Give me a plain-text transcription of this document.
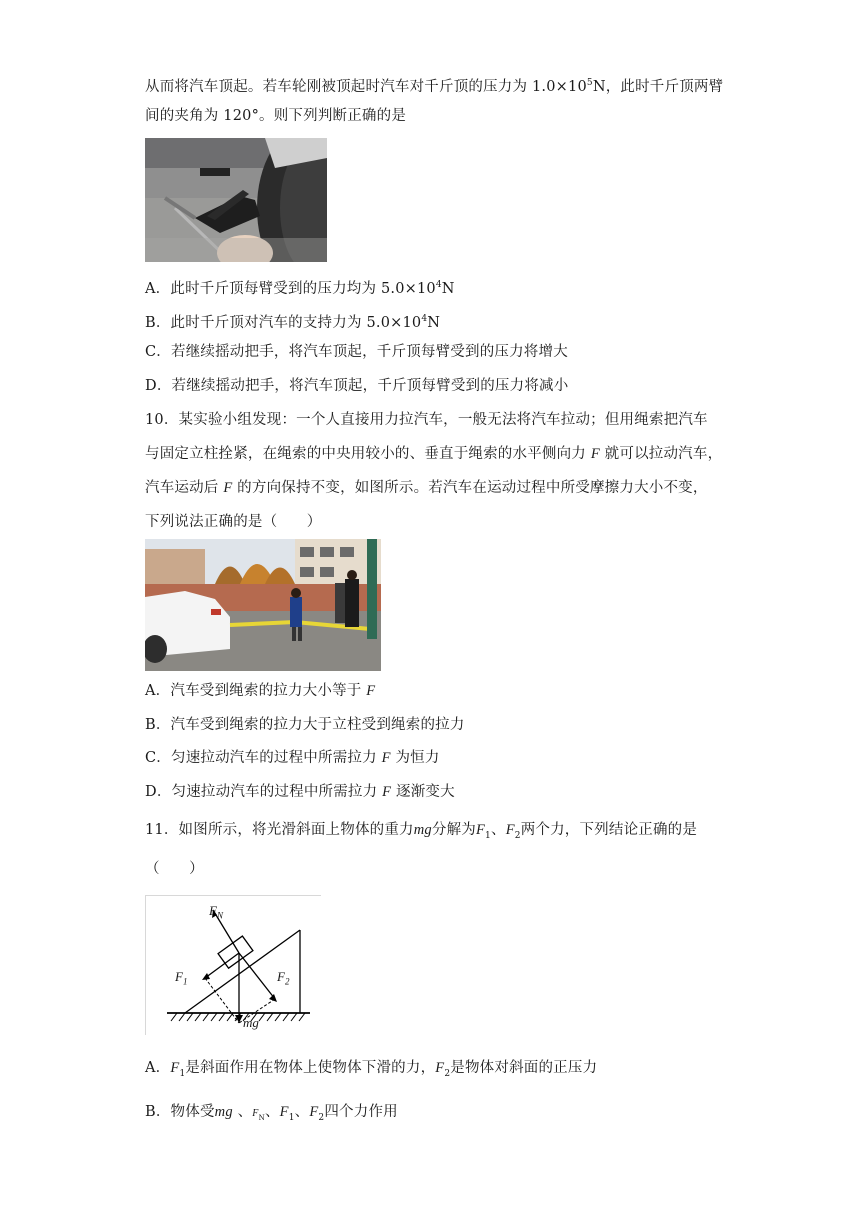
从而将汽车顶起。若车轮刚被顶起时汽车对千斤顶的压力为 $1.0\times 10^5N$，此时千斤顶两臂
间的夹角为 120°。则下列判断正确的是
A．此时千斤顶每臂受到的压力均为 $5.0\times 10^4N$
B．此时千斤顶对汽车的支持力为 $5.0\times 10^4N$
C．若继续摇动把手，将汽车顶起，千斤顶每臂受到的压力将增大
D．若继续摇动把手，将汽车顶起，千斤顶每臂受到的压力将减小
10．某实验小组发现：一个人直接用力拉汽车，一般无法将汽车拉动；但用绳索把汽车
与固定立柱拴紧，在绳索的中央用较小的、垂直于绳索的水平侧向力 F 就可以拉动汽车，
汽车运动后 F 的方向保持不变，如图所示。若汽车在运动过程中所受摩擦力大小不变，
下列说法正确的是（　　）
A．汽车受到绳索的拉力大小等于 F
B．汽车受到绳索的拉力大于立柱受到绳索的拉力
C．匀速拉动汽车的过程中所需拉力 F 为恒力
D．匀速拉动汽车的过程中所需拉力 F 逐渐变大
11．如图所示，将光滑斜面上物体的重力mg分解为$F_1$、$F_2$两个力，下列结论正确的是
（　　）
$F_N$
$F_1$	$F_2$
mg
A．$F_1$是斜面作用在物体上使物体下滑的力，$F_2$是物体对斜面的正压力
B．物体受mg 、$F_N$、$F_1$、$F_2$四个力作用
